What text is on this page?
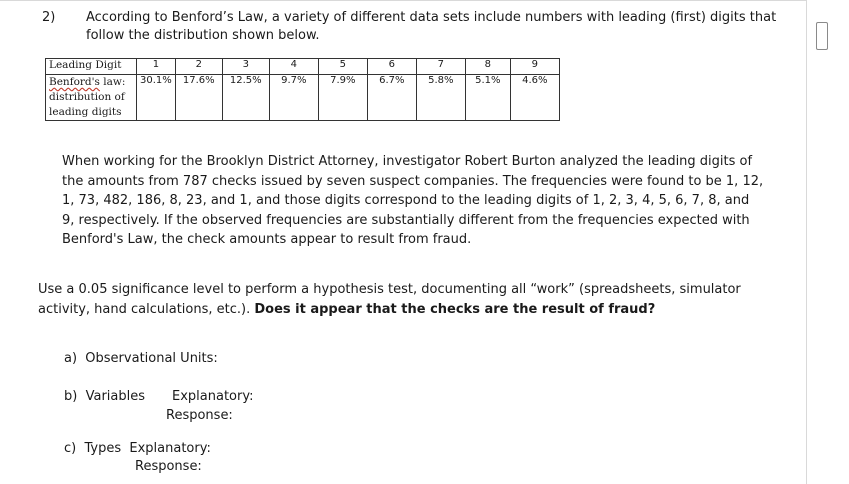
2) According to Benford’s Law, a variety of different data sets include numbers with leading (first) digits that follow the distribution shown below.
Leading Digit	1	2	3	4	5	6	7	8	9
Benford's law: distribution of leading digits	30.1%	17.6%	12.5%	9.7%	7.9%	6.7%	5.8%	5.1%	4.6%
When working for the Brooklyn District Attorney, investigator Robert Burton analyzed the leading digits of the amounts from 787 checks issued by seven suspect companies. The frequencies were found to be 1, 12, 1, 73, 482, 186, 8, 23, and 1, and those digits correspond to the leading digits of 1, 2, 3, 4, 5, 6, 7, 8, and 9, respectively. If the observed frequencies are substantially different from the frequencies expected with Benford's Law, the check amounts appear to result from fraud.
Use a 0.05 significance level to perform a hypothesis test, documenting all “work” (spreadsheets, simulator activity, hand calculations, etc.). Does it appear that the checks are the result of fraud?
a)  Observational Units:
b)  Variables Explanatory:
Response:
c)  Types  Explanatory:
Response:
